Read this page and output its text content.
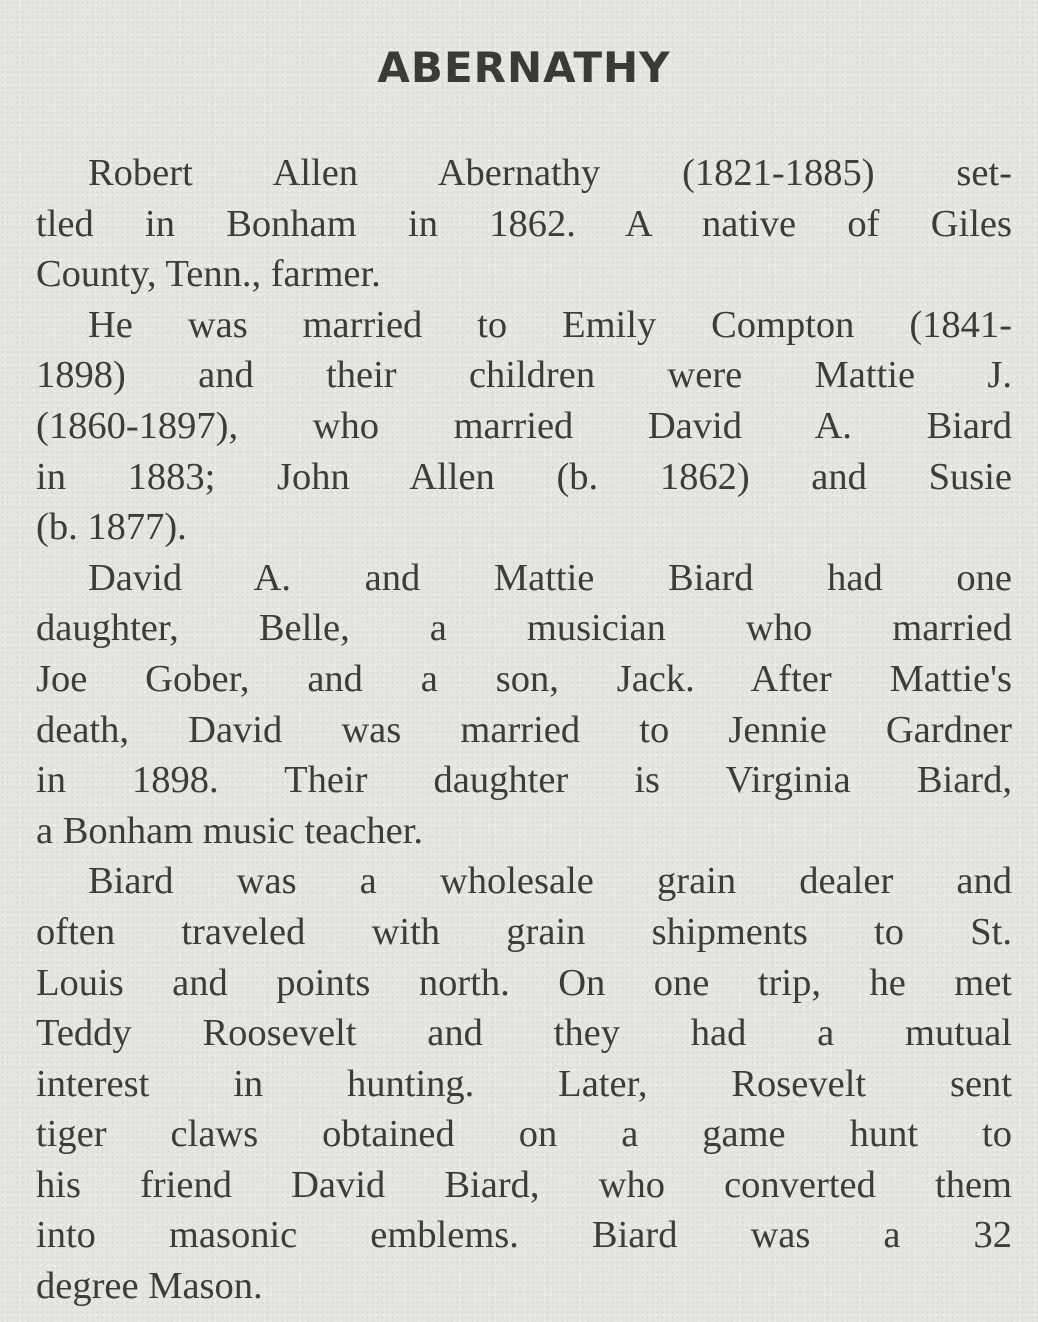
ABERNATHY
Robert Allen Abernathy (1821-1885) set-
tled in Bonham in 1862. A native of Giles
County, Tenn., farmer.
He was married to Emily Compton (1841-
1898) and their children were Mattie J.
(1860-1897), who married David A. Biard
in 1883; John Allen (b. 1862) and Susie
(b. 1877).
David A. and Mattie Biard had one
daughter, Belle, a musician who married
Joe Gober, and a son, Jack. After Mattie's
death, David was married to Jennie Gardner
in 1898. Their daughter is Virginia Biard,
a Bonham music teacher.
Biard was a wholesale grain dealer and
often traveled with grain shipments to St.
Louis and points north. On one trip, he met
Teddy Roosevelt and they had a mutual
interest in hunting. Later, Rosevelt sent
tiger claws obtained on a game hunt to
his friend David Biard, who converted them
into masonic emblems. Biard was a 32
degree Mason.
